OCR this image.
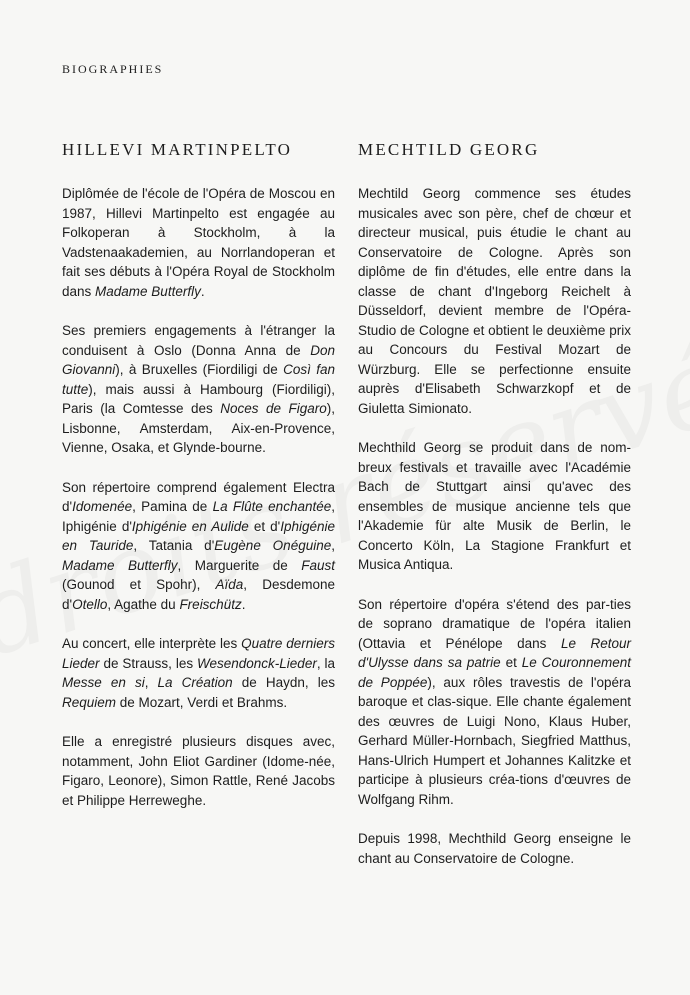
BIOGRAPHIES
HILLEVI MARTINPELTO

Diplômée de l'école de l'Opéra de Moscou en 1987, Hillevi Martinpelto est engagée au Folkoperan à Stockholm, à la Vadstenaakademien, au Norrlandoperan et fait ses débuts à l'Opéra Royal de Stockholm dans Madame Butterfly.

Ses premiers engagements à l'étranger la conduisent à Oslo (Donna Anna de Don Giovanni), à Bruxelles (Fiordiligi de Così fan tutte), mais aussi à Hambourg (Fiordiligi), Paris (la Comtesse des Noces de Figaro), Lisbonne, Amsterdam, Aix-en-Provence, Vienne, Osaka, et Glynde-bourne.

Son répertoire comprend également Electra d'Idomenée, Pamina de La Flûte enchantée, Iphigénie d'Iphigénie en Aulide et d'Iphigénie en Tauride, Tatania d'Eugène Onéguine, Madame Butterfly, Marguerite de Faust (Gounod et Spohr), Aïda, Desdemone d'Otello, Agathe du Freischütz.

Au concert, elle interprète les Quatre derniers Lieder de Strauss, les Wesendonck-Lieder, la Messe en si, La Création de Haydn, les Requiem de Mozart, Verdi et Brahms.

Elle a enregistré plusieurs disques avec, notamment, John Eliot Gardiner (Idome-née, Figaro, Leonore), Simon Rattle, René Jacobs et Philippe Herreweghe.

MECHTILD GEORG

Mechtild Georg commence ses études musicales avec son père, chef de chœur et directeur musical, puis étudie le chant au Conservatoire de Cologne. Après son diplôme de fin d'études, elle entre dans la classe de chant d'Ingeborg Reichelt à Düsseldorf, devient membre de l'Opéra-Studio de Cologne et obtient le deuxième prix au Concours du Festival Mozart de Würzburg. Elle se perfectionne ensuite auprès d'Elisabeth Schwarzkopf et de Giuletta Simionato.

Mechthild Georg se produit dans de nom-breux festivals et travaille avec l'Académie Bach de Stuttgart ainsi qu'avec des ensembles de musique ancienne tels que l'Akademie für alte Musik de Berlin, le Concerto Köln, La Stagione Frankfurt et Musica Antiqua.

Son répertoire d'opéra s'étend des par-ties de soprano dramatique de l'opéra italien (Ottavia et Pénélope dans Le Retour d'Ulysse dans sa patrie et Le Couronnement de Poppée), aux rôles travestis de l'opéra baroque et clas-sique. Elle chante également des œuvres de Luigi Nono, Klaus Huber, Gerhard Müller-Hornbach, Siegfried Matthus, Hans-Ulrich Humpert et Johannes Kalitzke et participe à plusieurs créa-tions d'œuvres de Wolfgang Rihm.

Depuis 1998, Mechthild Georg enseigne le chant au Conservatoire de Cologne.
